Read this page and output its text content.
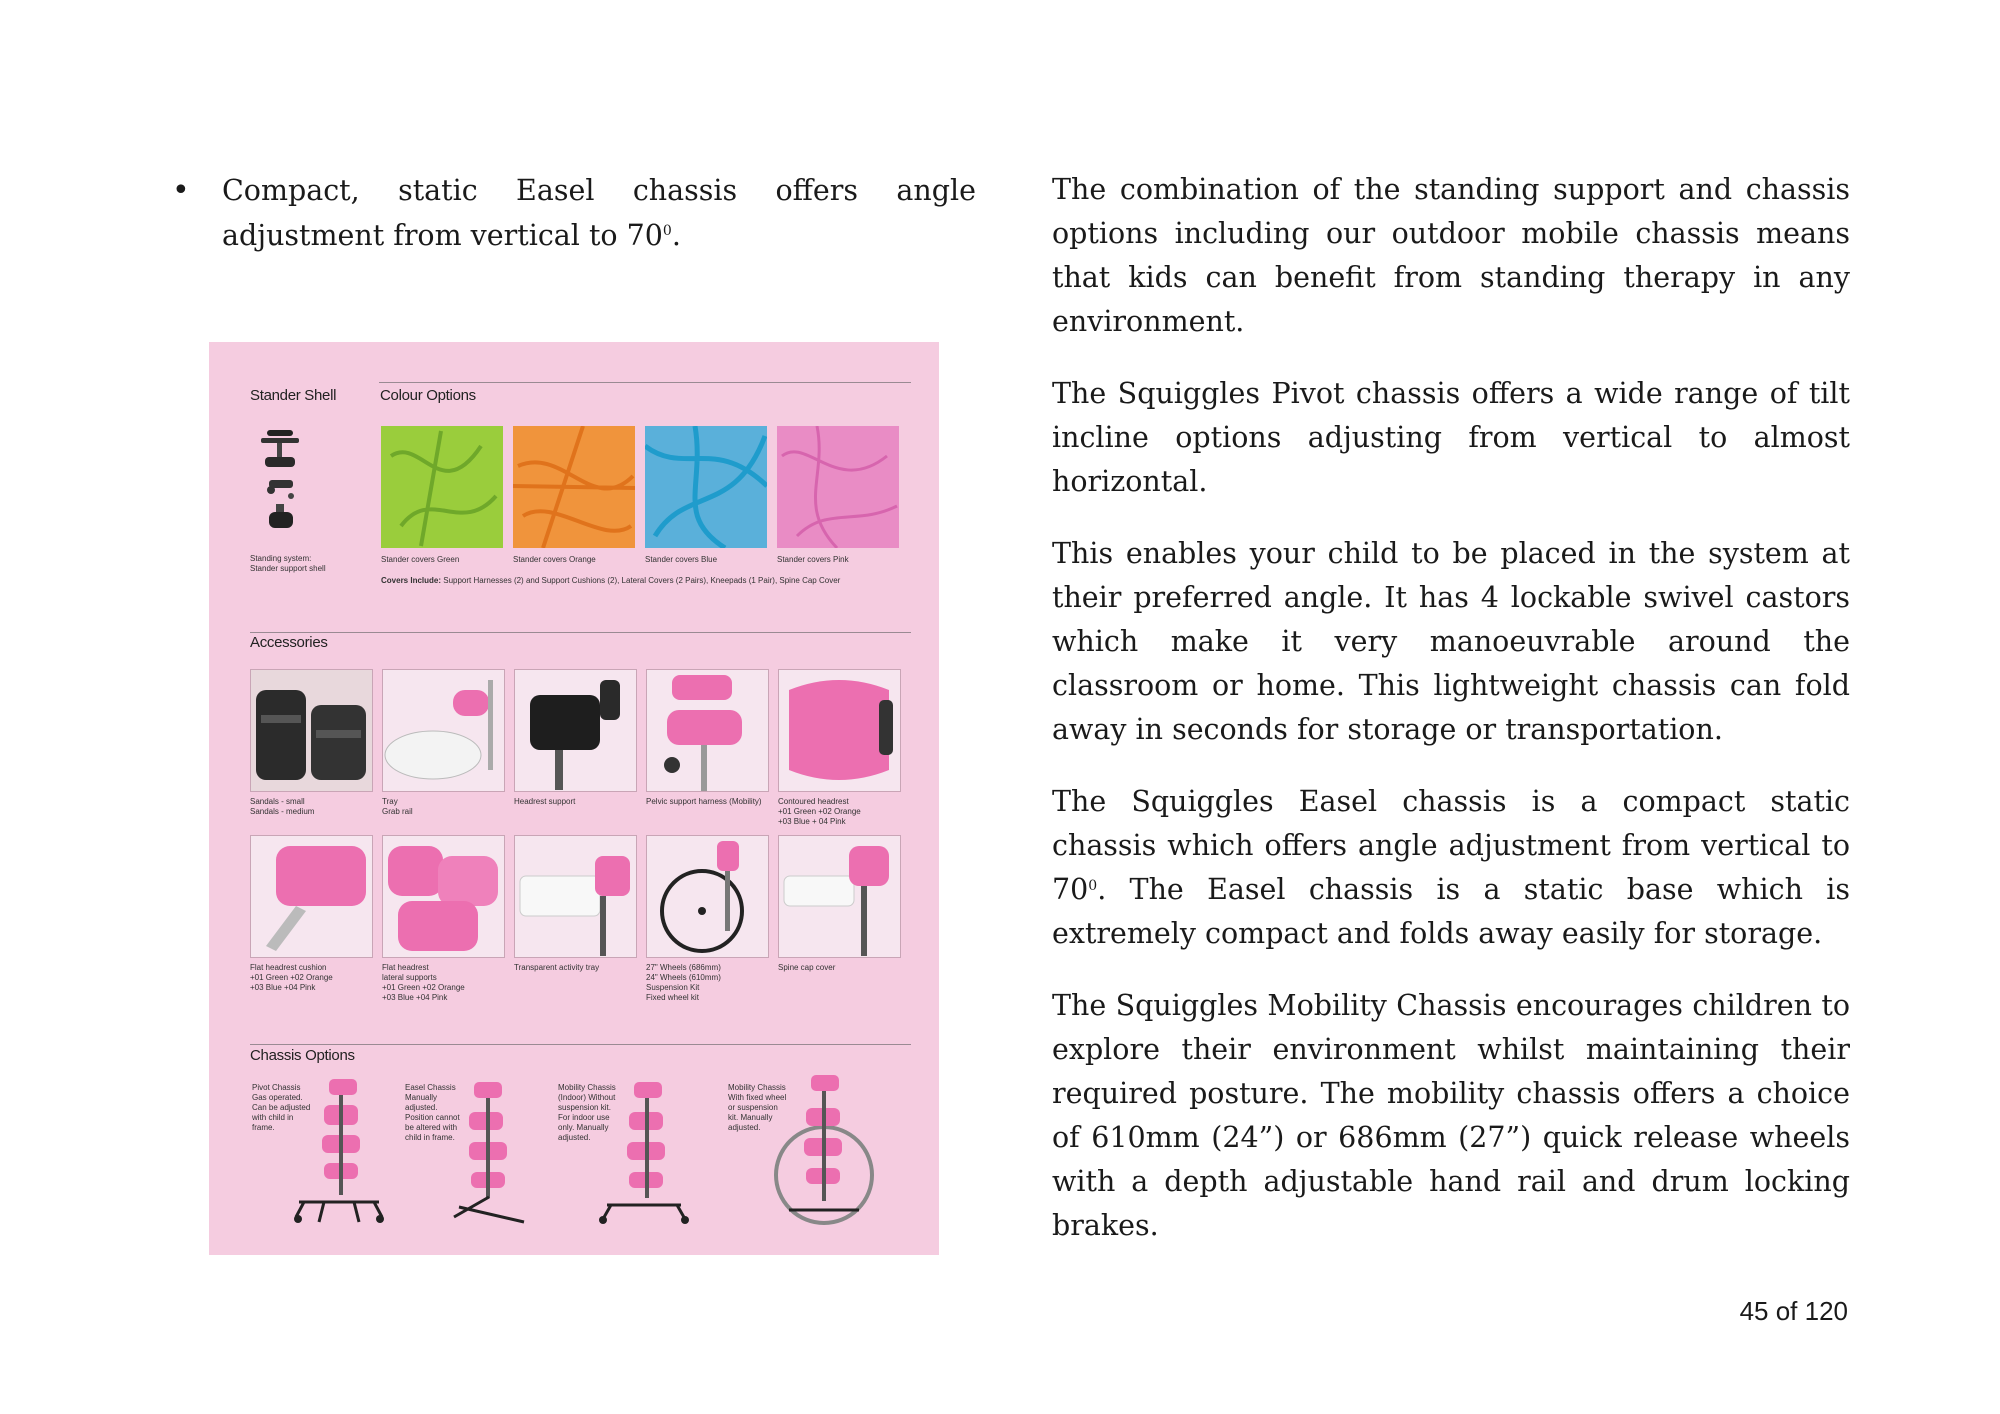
•	Compact, static Easel chassis offers angle adjustment from vertical to $70^0$.
Stander Shell	Colour Options
Standing system:
Stander support shell
Stander covers Green	Stander covers Orange	Stander covers Blue	Stander covers Pink
Covers Include: Support Harnesses (2) and Support Cushions (2), Lateral Covers (2 Pairs), Kneepads (1 Pair), Spine Cap Cover
Accessories
Sandals - small
Sandals - medium
Tray
Grab rail
Headrest support	Pelvic support harness (Mobility) Contoured headrest
+01 Green +02 Orange
+03 Blue + 04 Pink
Flat headrest cushion
+01 Green +02 Orange
+03 Blue +04 Pink
Flat headrest
lateral supports
+01 Green +02 Orange
+03 Blue +04 Pink
Transparent activity tray	27" Wheels (686mm)
24" Wheels (610mm)
Suspension Kit
Fixed wheel kit
Spine cap cover
Chassis Options
Pivot Chassis
Gas operated.
Can be adjusted
with child in
frame.
Easel Chassis
Manually
adjusted.
Position cannot
be altered with
child in frame.
Mobility Chassis
(Indoor) Without
suspension kit.
For indoor use
only. Manually
adjusted.
Mobility Chassis
With fixed wheel
or suspension
kit. Manually
adjusted.

The combination of the standing support and chassis options including our outdoor mobile chassis means that kids can benefit from standing therapy in any environment.

The Squiggles Pivot chassis offers a wide range of tilt incline options adjusting from vertical to almost horizontal.

This enables your child to be placed in the system at their preferred angle. It has 4 lockable swivel castors which make it very manoeuvrable around the classroom or home. This lightweight chassis can fold away in seconds for storage or transportation.

The Squiggles Easel chassis is a compact static chassis which offers angle adjustment from vertical to $70^0$. The Easel chassis is a static base which is extremely compact and folds away easily for storage.

The Squiggles Mobility Chassis encourages children to explore their environment whilst maintaining their required posture. The mobility chassis offers a choice of 610mm (24”) or 686mm (27”) quick release wheels with a depth adjustable hand rail and drum locking brakes.

45 of 120
